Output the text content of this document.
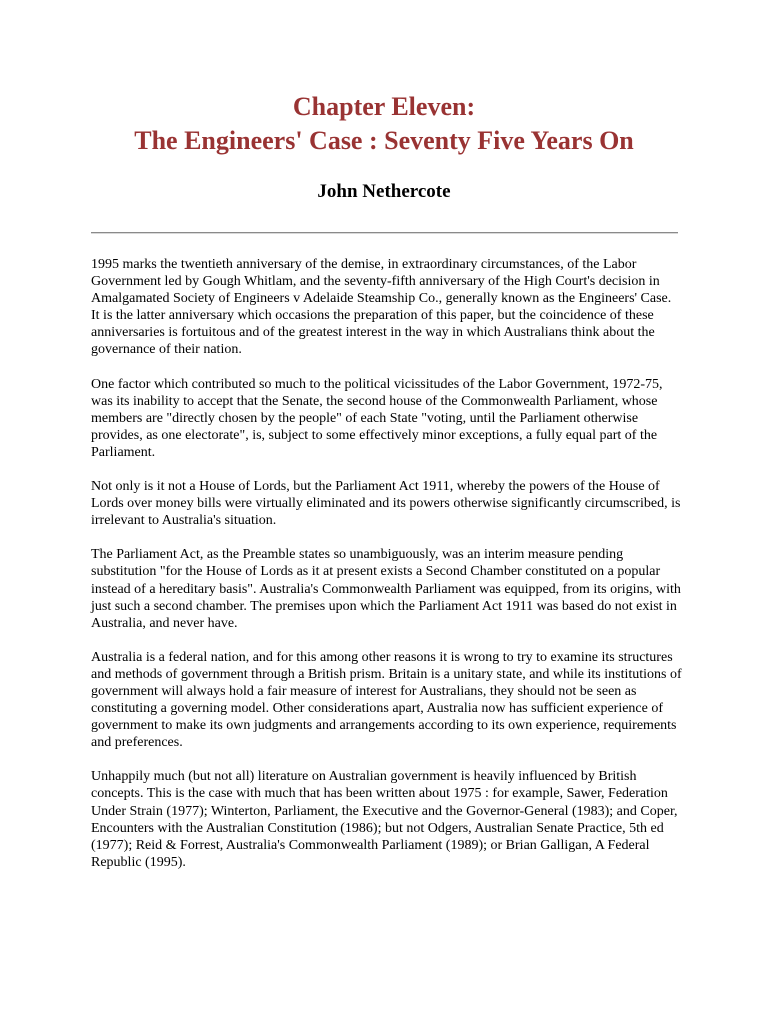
Chapter Eleven:
The Engineers' Case : Seventy Five Years On
John Nethercote

1995 marks the twentieth anniversary of the demise, in extraordinary circumstances, of the Labor Government led by Gough Whitlam, and the seventy-fifth anniversary of the High Court's decision in Amalgamated Society of Engineers v Adelaide Steamship Co., generally known as the Engineers' Case. It is the latter anniversary which occasions the preparation of this paper, but the coincidence of these anniversaries is fortuitous and of the greatest interest in the way in which Australians think about the governance of their nation.

One factor which contributed so much to the political vicissitudes of the Labor Government, 1972-75, was its inability to accept that the Senate, the second house of the Commonwealth Parliament, whose members are "directly chosen by the people" of each State "voting, until the Parliament otherwise provides, as one electorate", is, subject to some effectively minor exceptions, a fully equal part of the Parliament.

Not only is it not a House of Lords, but the Parliament Act 1911, whereby the powers of the House of Lords over money bills were virtually eliminated and its powers otherwise significantly circumscribed, is irrelevant to Australia's situation.

The Parliament Act, as the Preamble states so unambiguously, was an interim measure pending substitution "for the House of Lords as it at present exists a Second Chamber constituted on a popular instead of a hereditary basis". Australia's Commonwealth Parliament was equipped, from its origins, with just such a second chamber. The premises upon which the Parliament Act 1911 was based do not exist in Australia, and never have.

Australia is a federal nation, and for this among other reasons it is wrong to try to examine its structures and methods of government through a British prism. Britain is a unitary state, and while its institutions of government will always hold a fair measure of interest for Australians, they should not be seen as constituting a governing model. Other considerations apart, Australia now has sufficient experience of government to make its own judgments and arrangements according to its own experience, requirements and preferences.

Unhappily much (but not all) literature on Australian government is heavily influenced by British concepts. This is the case with much that has been written about 1975 : for example, Sawer, Federation Under Strain (1977); Winterton, Parliament, the Executive and the Governor-General (1983); and Coper, Encounters with the Australian Constitution (1986); but not Odgers, Australian Senate Practice, 5th ed (1977); Reid & Forrest, Australia's Commonwealth Parliament (1989); or Brian Galligan, A Federal Republic (1995).
